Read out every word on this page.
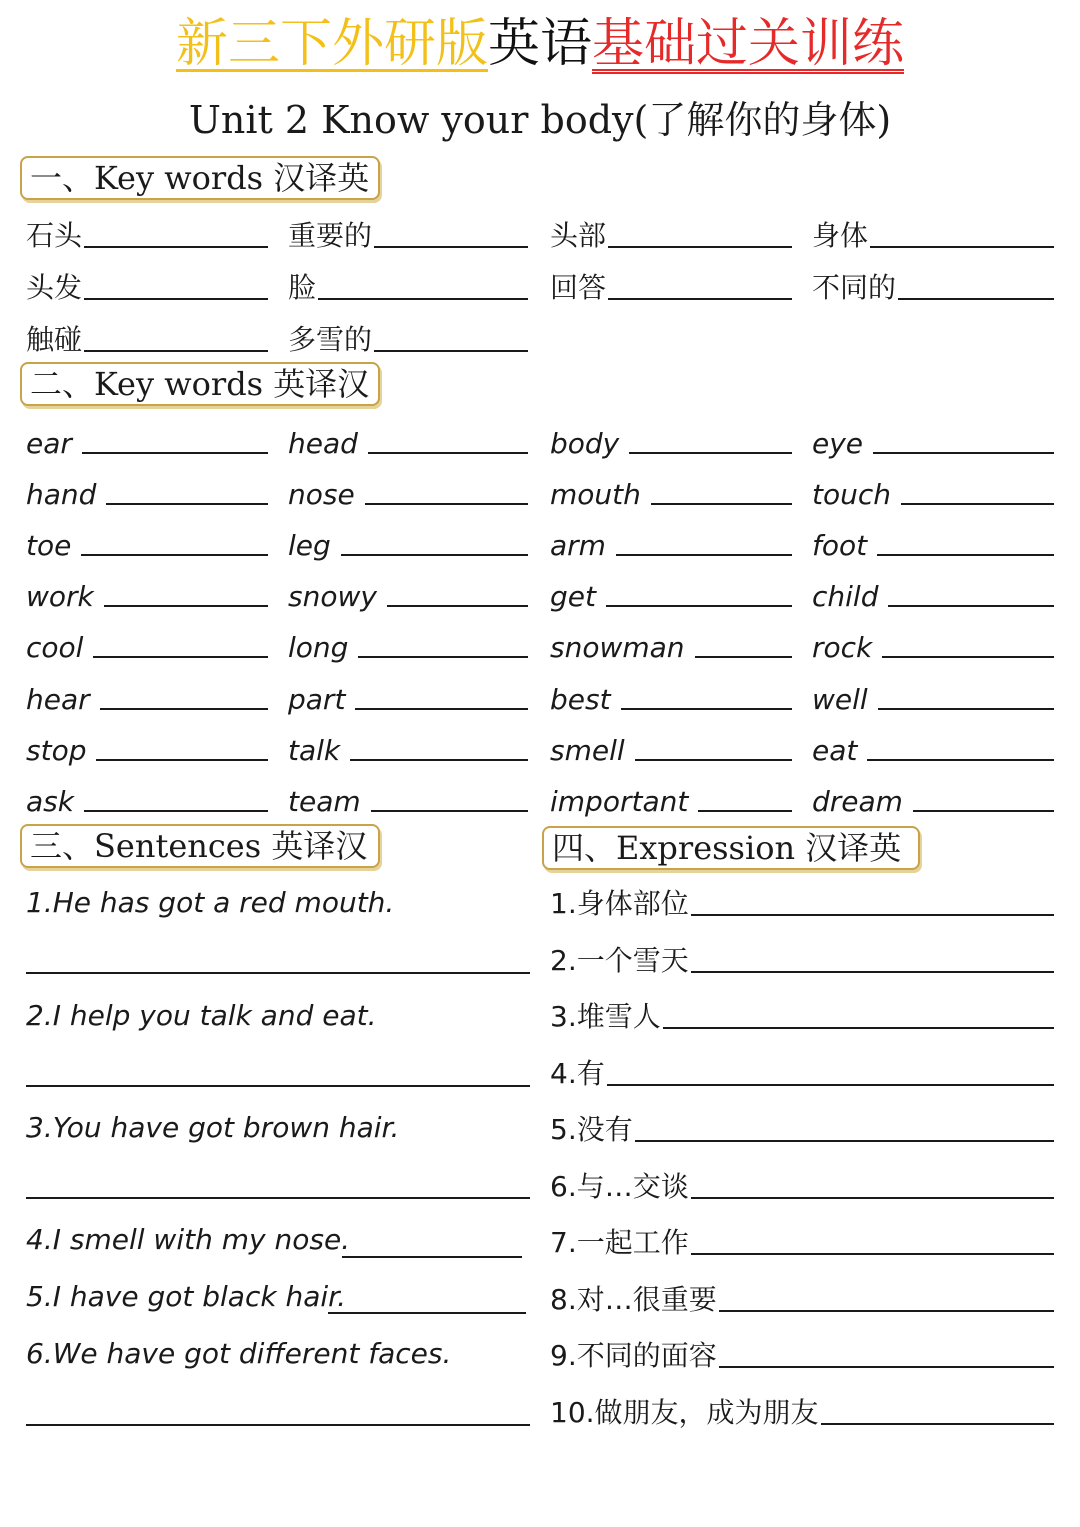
新三下外研版英语基础过关训练
Unit 2 Know your body(了解你的身体)
一、Key words 汉译英
石头	重要的	头部	身体
头发	脸	回答	不同的
触碰	多雪的
二、Key words 英译汉
ear	head	body	eye
hand	nose	mouth	touch
toe	leg	arm	foot
work	snowy	get	child
cool	long	snowman	rock
hear	part	best	well
stop	talk	smell	eat
ask	team	important	dream
三、Sentences 英译汉
1.He has got a red mouth.
2.I help you talk and eat.
3.You have got brown hair.
4.I smell with my nose.
5.I have got black hair.
6.We have got different faces.
四、Expression 汉译英
1.身体部位
2.一个雪天
3.堆雪人
4.有
5.没有
6.与…交谈
7.一起工作
8.对…很重要
9.不同的面容
10.做朋友，成为朋友
